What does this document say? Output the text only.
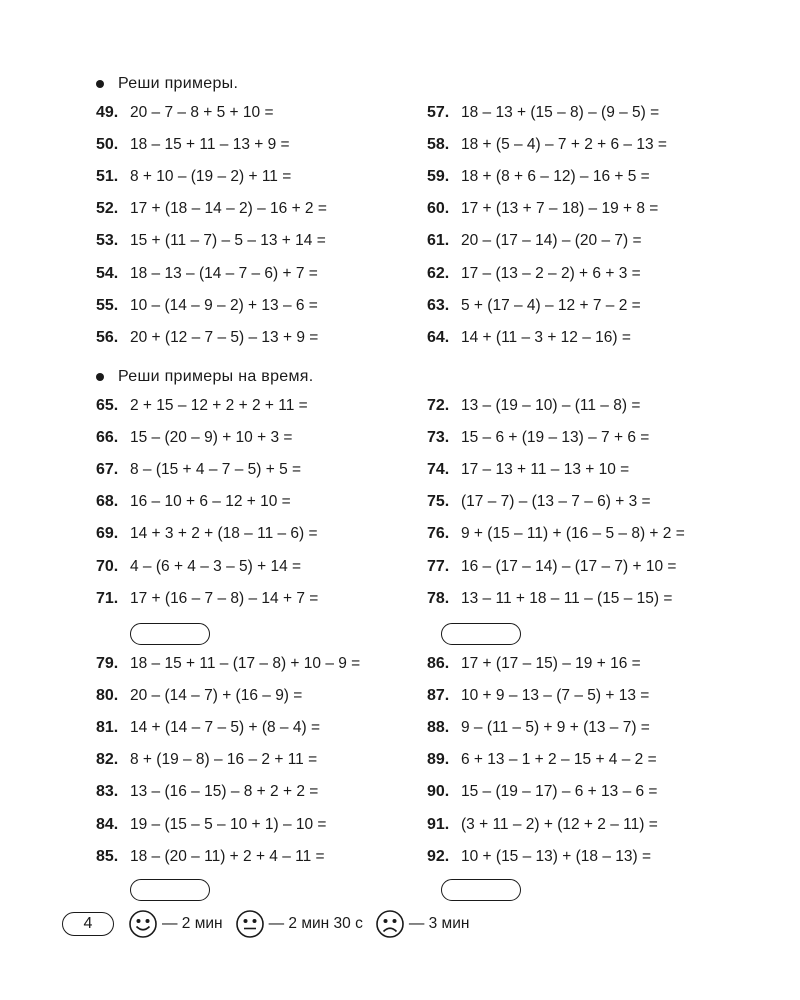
Реши примеры.
49. 20 – 7 – 8 + 5 + 10 =
50. 18 – 15 + 11 – 13 + 9 =
51. 8 + 10 – (19 – 2) + 11 =
52. 17 + (18 – 14 – 2) – 16 + 2 =
53. 15 + (11 – 7) – 5 – 13 + 14 =
54. 18 – 13 – (14 – 7 – 6) + 7 =
55. 10 – (14 – 9 – 2) + 13 – 6 =
56. 20 + (12 – 7 – 5) – 13 + 9 =
57. 18 – 13 + (15 – 8) – (9 – 5) =
58. 18 + (5 – 4) – 7 + 2 + 6 – 13 =
59. 18 + (8 + 6 – 12) – 16 + 5 =
60. 17 + (13 + 7 – 18) – 19 + 8 =
61. 20 – (17 – 14) – (20 – 7) =
62. 17 – (13 – 2 – 2) + 6 + 3 =
63. 5 + (17 – 4) – 12 + 7 – 2 =
64. 14 + (11 – 3 + 12 – 16) =
Реши примеры на время.
65. 2 + 15 – 12 + 2 + 2 + 11 =
66. 15 – (20 – 9) + 10 + 3 =
67. 8 – (15 + 4 – 7 – 5) + 5 =
68. 16 – 10 + 6 – 12 + 10 =
69. 14 + 3 + 2 + (18 – 11 – 6) =
70. 4 – (6 + 4 – 3 – 5) + 14 =
71. 17 + (16 – 7 – 8) – 14 + 7 =
72. 13 – (19 – 10) – (11 – 8) =
73. 15 – 6 + (19 – 13) – 7 + 6 =
74. 17 – 13 + 11 – 13 + 10 =
75. (17 – 7) – (13 – 7 – 6) + 3 =
76. 9 + (15 – 11) + (16 – 5 – 8) + 2 =
77. 16 – (17 – 14) – (17 – 7) + 10 =
78. 13 – 11 + 18 – 11 – (15 – 15) =
79. 18 – 15 + 11 – (17 – 8) + 10 – 9 =
80. 20 – (14 – 7) + (16 – 9) =
81. 14 + (14 – 7 – 5) + (8 – 4) =
82. 8 + (19 – 8) – 16 – 2 + 11 =
83. 13 – (16 – 15) – 8 + 2 + 2 =
84. 19 – (15 – 5 – 10 + 1) – 10 =
85. 18 – (20 – 11) + 2 + 4 – 11 =
86. 17 + (17 – 15) – 19 + 16 =
87. 10 + 9 – 13 – (7 – 5) + 13 =
88. 9 – (11 – 5) + 9 + (13 – 7) =
89. 6 + 13 – 1 + 2 – 15 + 4 – 2 =
90. 15 – (19 – 17) – 6 + 13 – 6 =
91. (3 + 11 – 2) + (12 + 2 – 11) =
92. 10 + (15 – 13) + (18 – 13) =
4	— 2 мин	— 2 мин 30 с	— 3 мин
